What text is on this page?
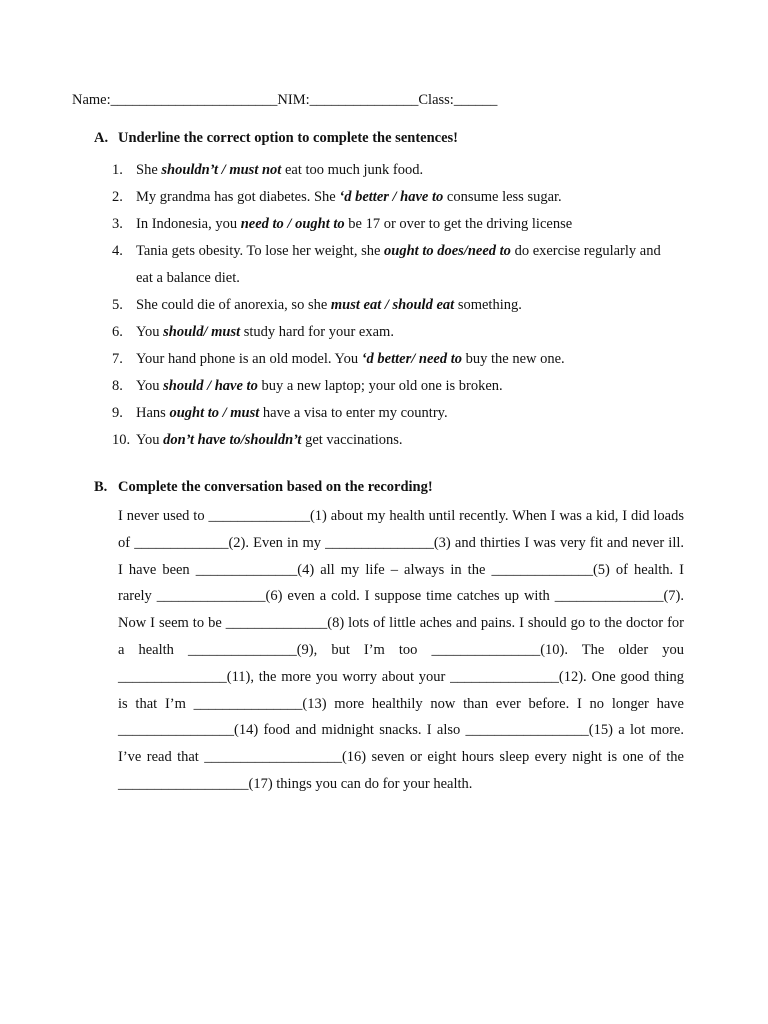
Name:_______________________NIM:_______________Class:______
A. Underline the correct option to complete the sentences!
1. She shouldn’t / must not eat too much junk food.
2. My grandma has got diabetes. She ‘d better / have to consume less sugar.
3. In Indonesia, you need to / ought to be 17 or over to get the driving license
4. Tania gets obesity. To lose her weight, she ought to does/need to do exercise regularly and eat a balance diet.
5. She could die of anorexia, so she must eat / should eat something.
6. You should/ must study hard for your exam.
7. Your hand phone is an old model. You ‘d better/ need to buy the new one.
8. You should / have to buy a new laptop; your old one is broken.
9. Hans ought to / must have a visa to enter my country.
10. You don’t have to/shouldn’t get vaccinations.
B. Complete the conversation based on the recording!

I never used to ______________(1) about my health until recently. When I was a kid, I did loads of _____________(2). Even in my _______________(3) and thirties I was very fit and never ill. I have been ______________(4) all my life – always in the ______________(5) of health. I rarely _______________(6) even a cold. I suppose time catches up with _______________(7). Now I seem to be ______________(8) lots of little aches and pains. I should go to the doctor for a health _______________(9), but I’m too _______________(10). The older you _______________(11), the more you worry about your _______________(12). One good thing is that I’m _______________(13) more healthily now than ever before. I no longer have ________________(14) food and midnight snacks. I also _________________(15) a lot more. I’ve read that ___________________(16) seven or eight hours sleep every night is one of the __________________(17) things you can do for your health.
